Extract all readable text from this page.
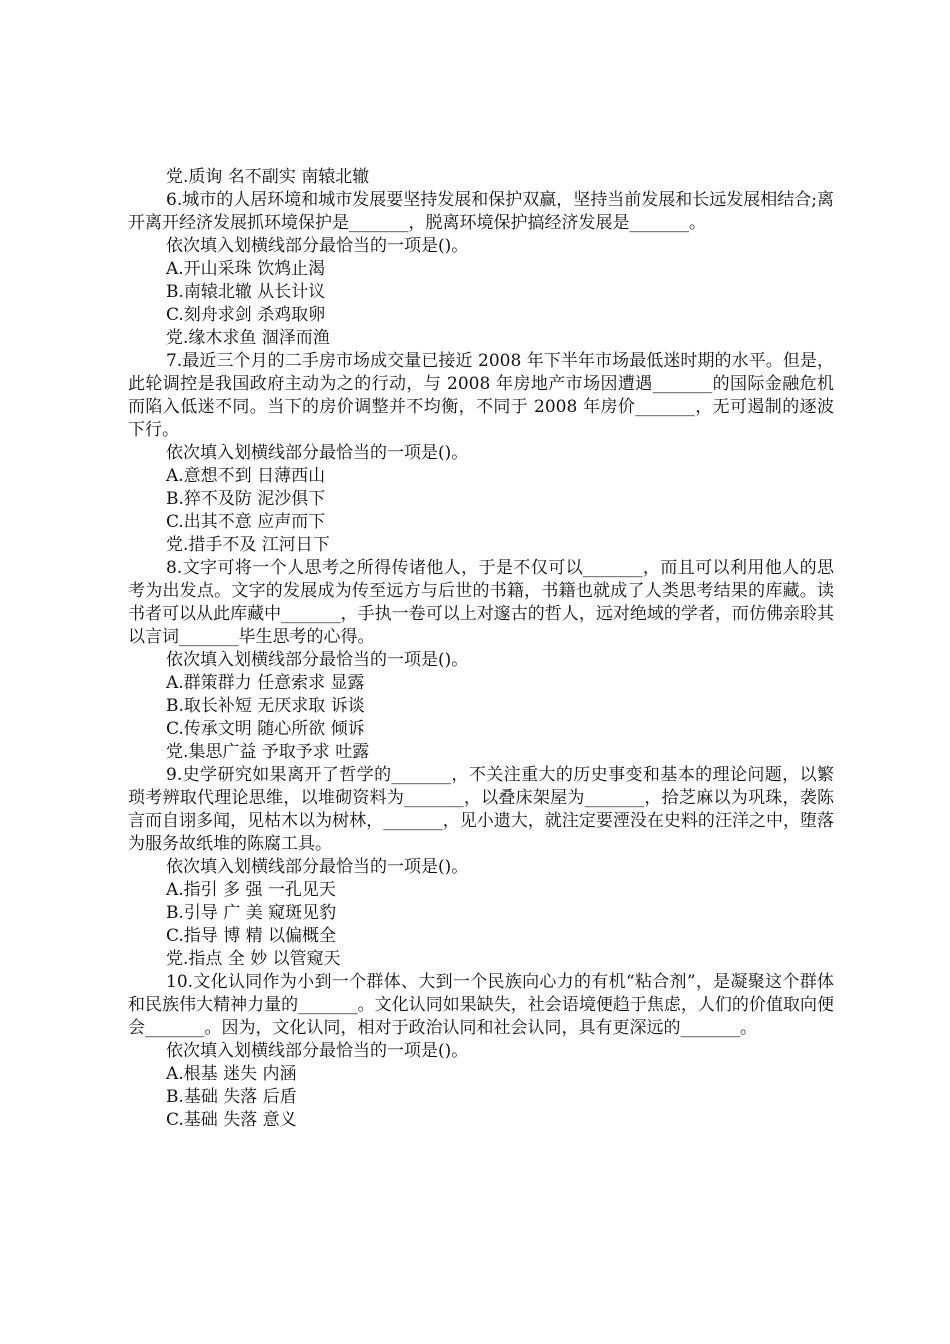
党.质询 名不副实 南辕北辙

6.城市的人居环境和城市发展要坚持发展和保护双赢，坚持当前发展和长远发展相结合;离开离开经济发展抓环境保护是_______，脱离环境保护搞经济发展是_______。

依次填入划横线部分最恰当的一项是()。

A.开山采珠 饮鸩止渴

B.南辕北辙 从长计议

C.刻舟求剑 杀鸡取卵

党.缘木求鱼 涸泽而渔

7.最近三个月的二手房市场成交量已接近 2008 年下半年市场最低迷时期的水平。但是，此轮调控是我国政府主动为之的行动，与 2008 年房地产市场因遭遇_______的国际金融危机而陷入低迷不同。当下的房价调整并不均衡，不同于 2008 年房价_______，无可遏制的逐波下行。

依次填入划横线部分最恰当的一项是()。

A.意想不到 日薄西山

B.猝不及防 泥沙俱下

C.出其不意 应声而下

党.措手不及 江河日下

8.文字可将一个人思考之所得传诸他人，于是不仅可以_______，而且可以利用他人的思考为出发点。文字的发展成为传至远方与后世的书籍，书籍也就成了人类思考结果的库藏。读书者可以从此库藏中_______，手执一卷可以上对邃古的哲人，远对绝域的学者，而仿佛亲聆其以言词_______毕生思考的心得。

依次填入划横线部分最恰当的一项是()。

A.群策群力 任意索求 显露

B.取长补短 无厌求取 诉谈

C.传承文明 随心所欲 倾诉

党.集思广益 予取予求 吐露

9.史学研究如果离开了哲学的_______，不关注重大的历史事变和基本的理论问题，以繁琐考辨取代理论思维，以堆砌资料为_______，以叠床架屋为_______，拾芝麻以为巩珠，袭陈言而自诩多闻，见枯木以为树林，_______，见小遗大，就注定要湮没在史料的汪洋之中，堕落为服务故纸堆的陈腐工具。

依次填入划横线部分最恰当的一项是()。

A.指引 多 强 一孔见天

B.引导 广 美 窥斑见豹

C.指导 博 精 以偏概全

党.指点 全 妙 以管窥天

10.文化认同作为小到一个群体、大到一个民族向心力的有机“粘合剂”，是凝聚这个群体和民族伟大精神力量的_______。文化认同如果缺失，社会语境便趋于焦虑，人们的价值取向便会_______。因为，文化认同，相对于政治认同和社会认同，具有更深远的_______。

依次填入划横线部分最恰当的一项是()。

A.根基 迷失 内涵

B.基础 失落 后盾

C.基础 失落 意义
